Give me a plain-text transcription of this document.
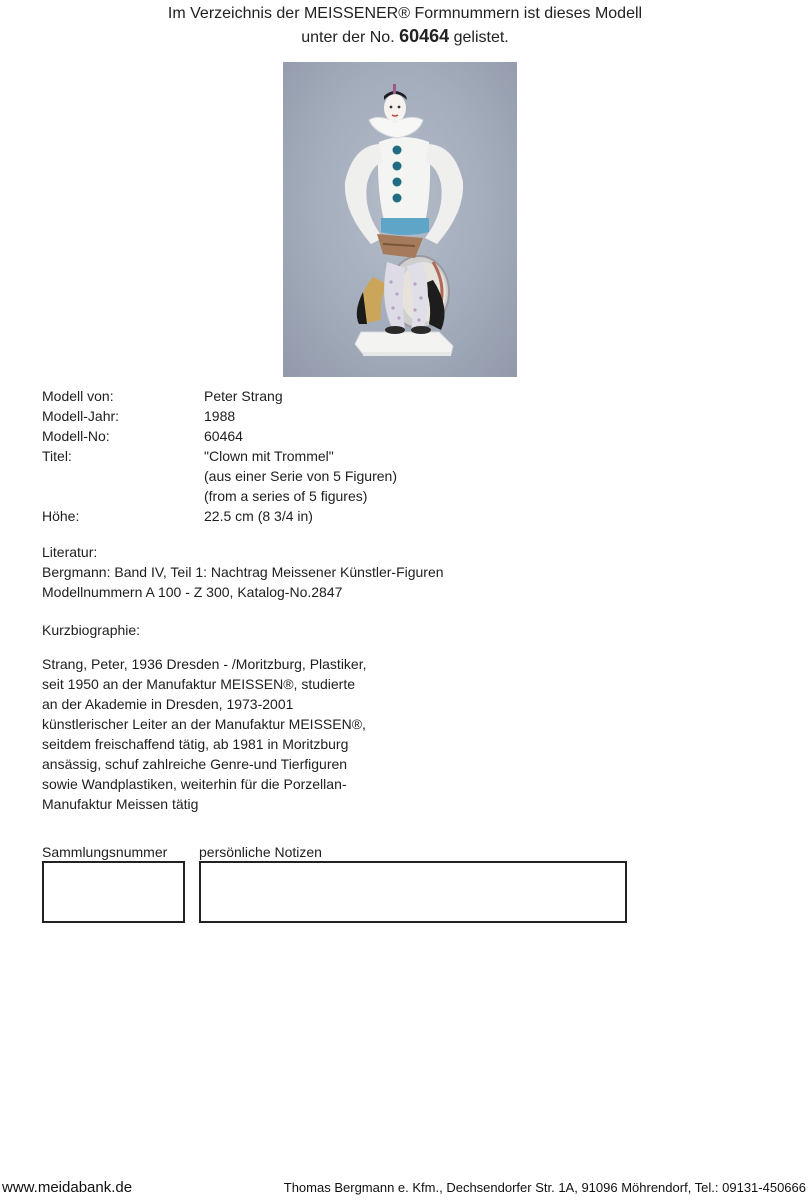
Im Verzeichnis der MEISSENER® Formnummern ist dieses Modell
unter der No. 60464 gelistet.
Modell von:	Peter Strang
Modell-Jahr:	1988
Modell-No:	60464
Titel:	"Clown mit Trommel"
(aus einer Serie von 5 Figuren)
(from a series of 5 figures)
Höhe:	22.5 cm (8 3/4 in)
Literatur:
Bergmann: Band IV, Teil 1: Nachtrag Meissener Künstler-Figuren
Modellnummern A 100 - Z 300, Katalog-No.2847
Kurzbiographie:
Strang, Peter, 1936 Dresden - /Moritzburg, Plastiker,
seit 1950 an der Manufaktur MEISSEN®, studierte
an der Akademie in Dresden, 1973-2001
künstlerischer Leiter an der Manufaktur MEISSEN®,
seitdem freischaffend tätig, ab 1981 in Moritzburg
ansässig, schuf zahlreiche Genre-und Tierfiguren
sowie Wandplastiken, weiterhin für die Porzellan-
Manufaktur Meissen tätig
Sammlungsnummer persönliche Notizen
www.meidabank.de	Thomas Bergmann e. Kfm., Dechsendorfer Str. 1A, 91096 Möhrendorf, Tel.: 09131-450666
